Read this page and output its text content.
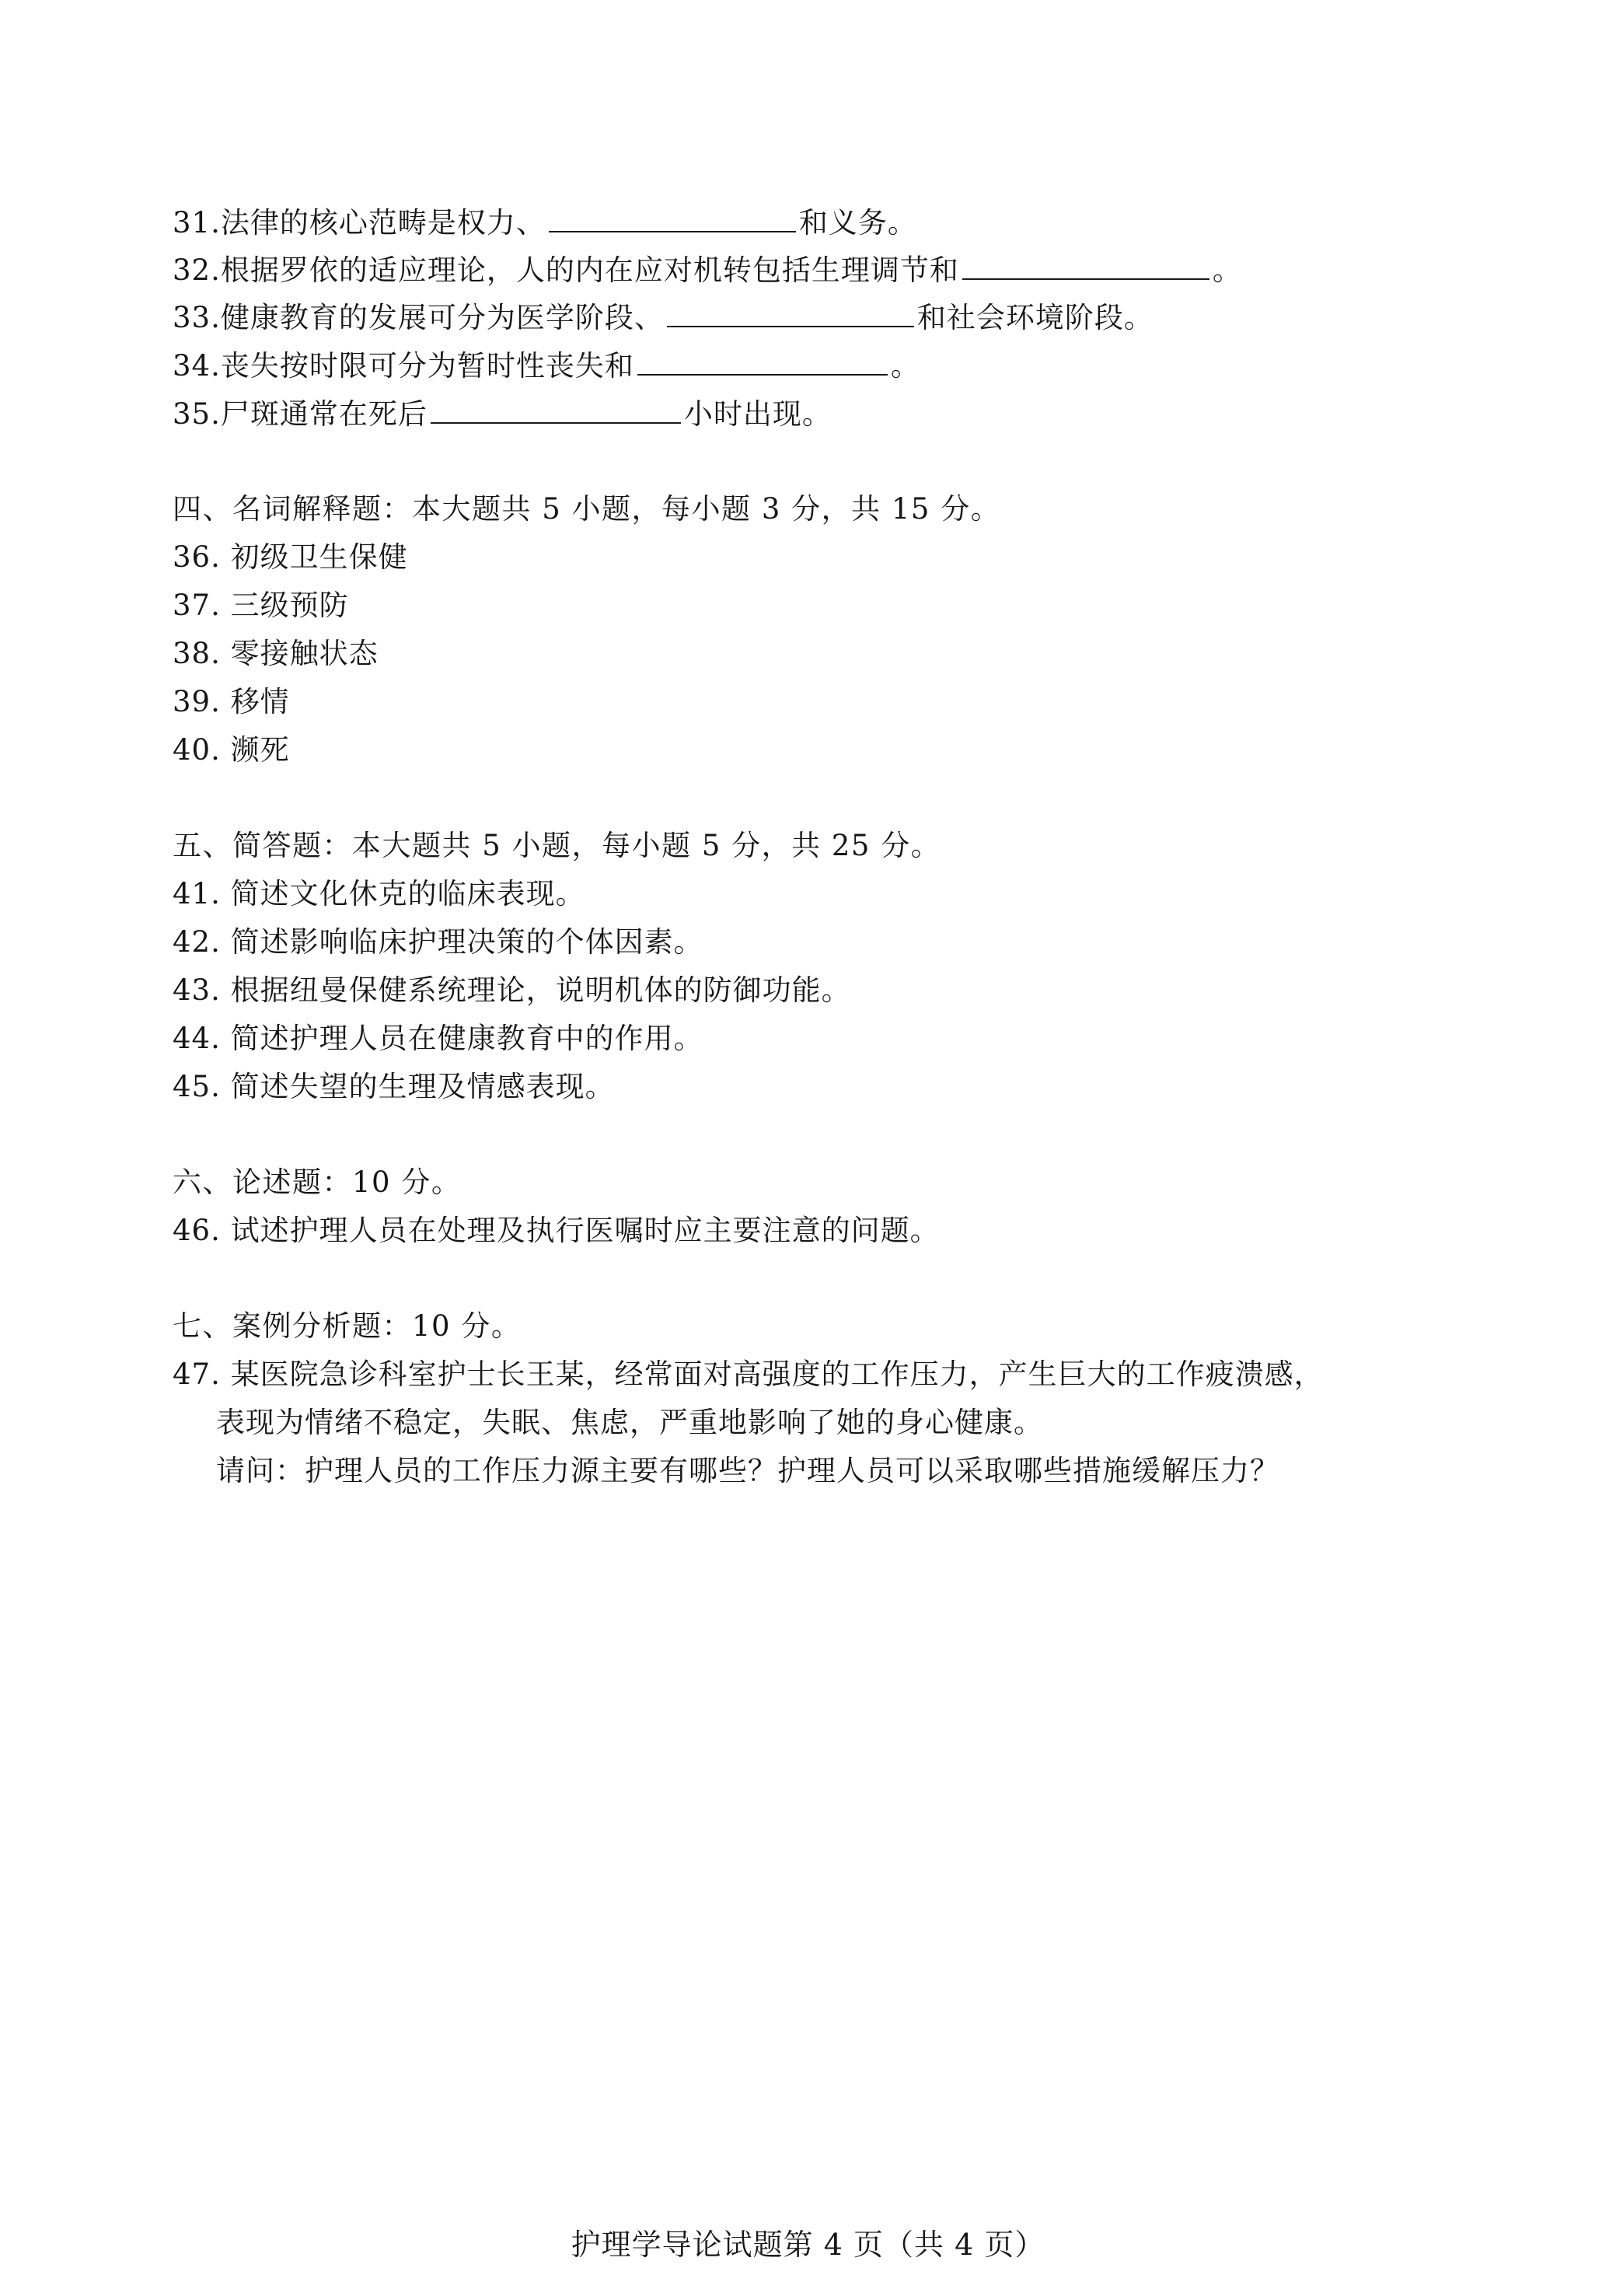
31.法律的核心范畴是权力、	和义务。
32.根据罗依的适应理论，人的内在应对机转包括生理调节和	。
33.健康教育的发展可分为医学阶段、	和社会环境阶段。
34.丧失按时限可分为暂时性丧失和	。
35.尸斑通常在死后	小时出现。
四、名词解释题：本大题共 5 小题，每小题 3 分，共 15 分。
36. 初级卫生保健
37. 三级预防
38. 零接触状态
39. 移情
40. 濒死
五、简答题：本大题共 5 小题，每小题 5 分，共 25 分。
41. 简述文化休克的临床表现。
42. 简述影响临床护理决策的个体因素。
43. 根据纽曼保健系统理论，说明机体的防御功能。
44. 简述护理人员在健康教育中的作用。
45. 简述失望的生理及情感表现。
六、论述题：10 分。
46. 试述护理人员在处理及执行医嘱时应主要注意的问题。
七、案例分析题：10 分。
47. 某医院急诊科室护士长王某，经常面对高强度的工作压力，产生巨大的工作疲溃感，
表现为情绪不稳定，失眠、焦虑，严重地影响了她的身心健康。
请问：护理人员的工作压力源主要有哪些？护理人员可以采取哪些措施缓解压力？
护理学导论试题第 4 页（共 4 页）
